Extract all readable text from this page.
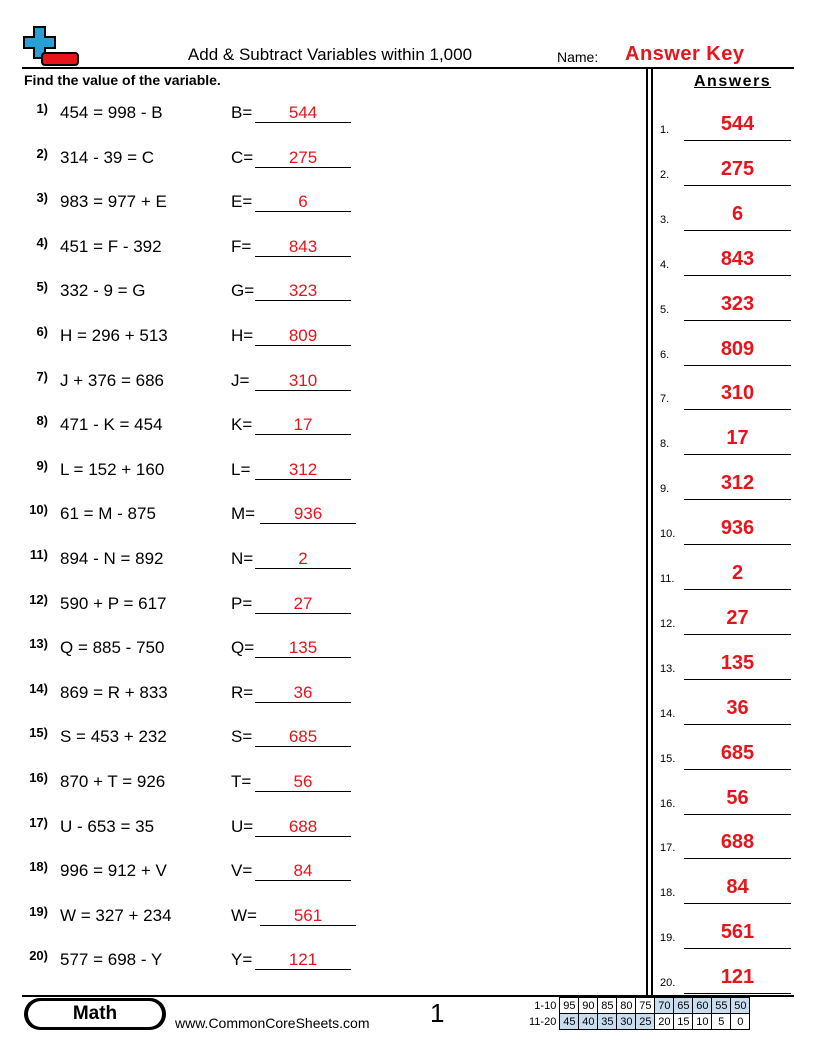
Add & Subtract Variables within 1,000	Name: Answer Key
Find the value of the variable.	Answers
1) 454 = 998 - B	B=	544
2) 314 - 39 = C	C=	275
3) 983 = 977 + E	E=	6
4) 451 = F - 392	F=	843
5) 332 - 9 = G	G=	323
6) H = 296 + 513	H=	809
7) J + 376 = 686	J=	310
8) 471 - K = 454	K=	17
9) L = 152 + 160	L=	312
10) 61 = M - 875	M=	936
11) 894 - N = 892	N=	2
12) 590 + P = 617	P=	27
13) Q = 885 - 750	Q=	135
14) 869 = R + 833	R=	36
15) S = 453 + 232	S=	685
16) 870 + T = 926	T=	56
17) U - 653 = 35	U=	688
18) 996 = 912 + V	V=	84
19) W = 327 + 234	W=	561
20) 577 = 698 - Y	Y=	121
1.	544
2.	275
3.	6
4.	843
5.	323
6.	809
7.	310
8.	17
9.	312
10.	936
11.	2
12.	27
13.	135
14.	36
15.	685
16.	56
17.	688
18.	84
19.	561
20.	121
Math	www.CommonCoreSheets.com 1	1-10	95	90	85	80	75	70	65	60	55	50
11-20	45	40	35	30	25	20	15	10	5	0
